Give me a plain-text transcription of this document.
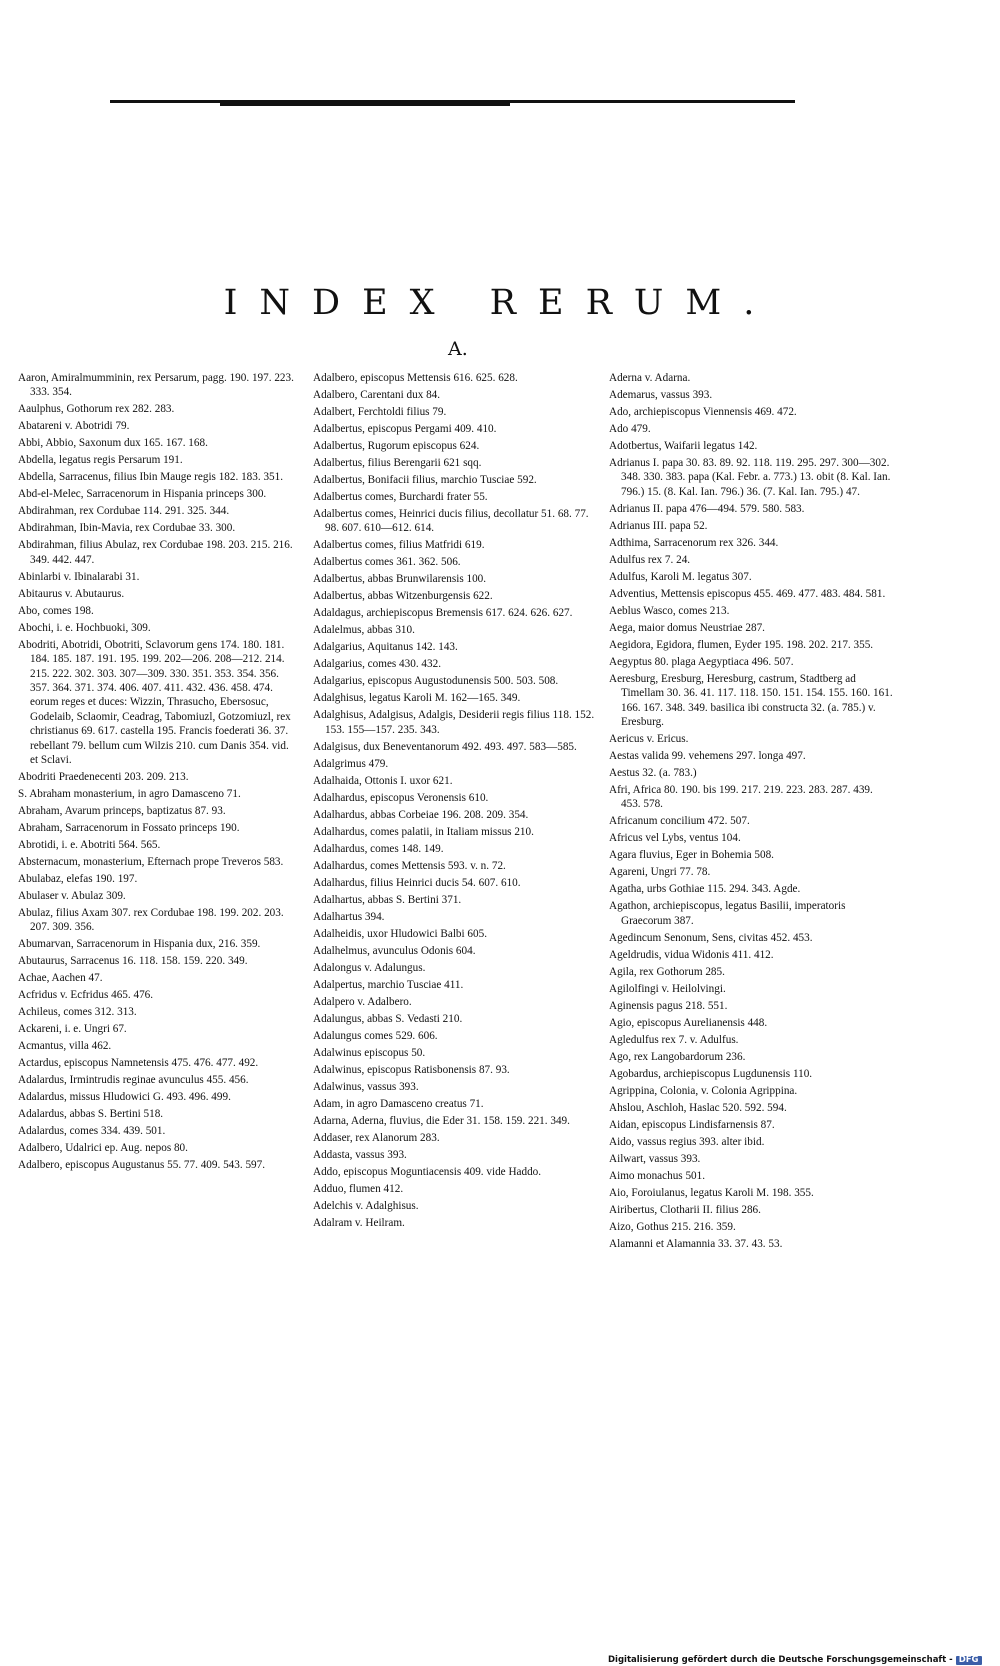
INDEX RERUM.
A.

Aaron, Amiralmumminin, rex Persarum, pagg. 190. 197. 223. 333. 354.

Aaulphus, Gothorum rex 282. 283.

Abatareni v. Abotridi 79.

Abbi, Abbio, Saxonum dux 165. 167. 168.

Abdella, legatus regis Persarum 191.

Abdella, Sarracenus, filius Ibin Mauge regis 182. 183. 351.

Abd-el-Melec, Sarracenorum in Hispania princeps 300.

Abdirahman, rex Cordubae 114. 291. 325. 344.

Abdirahman, Ibin-Mavia, rex Cordubae 33. 300.

Abdirahman, filius Abulaz, rex Cordubae 198. 203. 215. 216. 349. 442. 447.

Abinlarbi v. Ibinalarabi 31.

Abitaurus v. Abutaurus.

Abo, comes 198.

Abochi, i. e. Hochbuoki, 309.

Abodriti, Abotridi, Obotriti, Sclavorum gens 174. 180. 181. 184. 185. 187. 191. 195. 199. 202—206. 208—212. 214. 215. 222. 302. 303. 307—309. 330. 351. 353. 354. 356. 357. 364. 371. 374. 406. 407. 411. 432. 436. 458. 474. eorum reges et duces: Wizzin, Thrasucho, Ebersosuc, Godelaib, Sclaomir, Ceadrag, Tabomiuzl, Gotzomiuzl, rex christianus 69. 617. castella 195. Francis foederati 36. 37. rebellant 79. bellum cum Wilzis 210. cum Danis 354. vid. et Sclavi.

Abodriti Praedenecenti 203. 209. 213.

S. Abraham monasterium, in agro Damasceno 71.

Abraham, Avarum princeps, baptizatus 87. 93.

Abraham, Sarracenorum in Fossato princeps 190.

Abrotidi, i. e. Abotriti 564. 565.

Absternacum, monasterium, Efternach prope Treveros 583.

Abulabaz, elefas 190. 197.

Abulaser v. Abulaz 309.

Abulaz, filius Axam 307. rex Cordubae 198. 199. 202. 203. 207. 309. 356.

Abumarvan, Sarracenorum in Hispania dux, 216. 359.

Abutaurus, Sarracenus 16. 118. 158. 159. 220. 349.

Achae, Aachen 47.

Acfridus v. Ecfridus 465. 476.

Achileus, comes 312. 313.

Ackareni, i. e. Ungri 67.

Acmantus, villa 462.

Actardus, episcopus Namnetensis 475. 476. 477. 492.

Adalardus, Irmintrudis reginae avunculus 455. 456.

Adalardus, missus Hludowici G. 493. 496. 499.

Adalardus, abbas S. Bertini 518.

Adalardus, comes 334. 439. 501.

Adalbero, Udalrici ep. Aug. nepos 80.

Adalbero, episcopus Augustanus 55. 77. 409. 543. 597.

Adalbero, episcopus Mettensis 616. 625. 628.

Adalbero, Carentani dux 84.

Adalbert, Ferchtoldi filius 79.

Adalbertus, episcopus Pergami 409. 410.

Adalbertus, Rugorum episcopus 624.

Adalbertus, filius Berengarii 621 sqq.

Adalbertus, Bonifacii filius, marchio Tusciae 592.

Adalbertus comes, Burchardi frater 55.

Adalbertus comes, Heinrici ducis filius, decollatur 51. 68. 77. 98. 607. 610—612. 614.

Adalbertus comes, filius Matfridi 619.

Adalbertus comes 361. 362. 506.

Adalbertus, abbas Brunwilarensis 100.

Adalbertus, abbas Witzenburgensis 622.

Adaldagus, archiepiscopus Bremensis 617. 624. 626. 627.

Adalelmus, abbas 310.

Adalgarius, Aquitanus 142. 143.

Adalgarius, comes 430. 432.

Adalgarius, episcopus Augustodunensis 500. 503. 508.

Adalghisus, legatus Karoli M. 162—165. 349.

Adalghisus, Adalgisus, Adalgis, Desiderii regis filius 118. 152. 153. 155—157. 235. 343.

Adalgisus, dux Beneventanorum 492. 493. 497. 583—585.

Adalgrimus 479.

Adalhaida, Ottonis I. uxor 621.

Adalhardus, episcopus Veronensis 610.

Adalhardus, abbas Corbeiae 196. 208. 209. 354.

Adalhardus, comes palatii, in Italiam missus 210.

Adalhardus, comes 148. 149.

Adalhardus, comes Mettensis 593. v. n. 72.

Adalhardus, filius Heinrici ducis 54. 607. 610.

Adalhartus, abbas S. Bertini 371.

Adalhartus 394.

Adalheidis, uxor Hludowici Balbi 605.

Adalhelmus, avunculus Odonis 604.

Adalongus v. Adalungus.

Adalpertus, marchio Tusciae 411.

Adalpero v. Adalbero.

Adalungus, abbas S. Vedasti 210.

Adalungus comes 529. 606.

Adalwinus episcopus 50.

Adalwinus, episcopus Ratisbonensis 87. 93.

Adalwinus, vassus 393.

Adam, in agro Damasceno creatus 71.

Adarna, Aderna, fluvius, die Eder 31. 158. 159. 221. 349.

Addaser, rex Alanorum 283.

Addasta, vassus 393.

Addo, episcopus Moguntiacensis 409. vide Haddo.

Adduo, flumen 412.

Adelchis v. Adalghisus.

Adalram v. Heilram.

Aderna v. Adarna.

Ademarus, vassus 393.

Ado, archiepiscopus Viennensis 469. 472.

Ado 479.

Adotbertus, Waifarii legatus 142.

Adrianus I. papa 30. 83. 89. 92. 118. 119. 295. 297. 300—302. 348. 330. 383. papa (Kal. Febr. a. 773.) 13. obit (8. Kal. Ian. 796.) 15. (8. Kal. Ian. 796.) 36. (7. Kal. Ian. 795.) 47.

Adrianus II. papa 476—494. 579. 580. 583.

Adrianus III. papa 52.

Adthima, Sarracenorum rex 326. 344.

Adulfus rex 7. 24.

Adulfus, Karoli M. legatus 307.

Adventius, Mettensis episcopus 455. 469. 477. 483. 484. 581.

Aeblus Wasco, comes 213.

Aega, maior domus Neustriae 287.

Aegidora, Egidora, flumen, Eyder 195. 198. 202. 217. 355.

Aegyptus 80. plaga Aegyptiaca 496. 507.

Aeresburg, Eresburg, Heresburg, castrum, Stadtberg ad Timellam 30. 36. 41. 117. 118. 150. 151. 154. 155. 160. 161. 166. 167. 348. 349. basilica ibi constructa 32. (a. 785.) v. Eresburg.

Aericus v. Ericus.

Aestas valida 99. vehemens 297. longa 497.

Aestus 32. (a. 783.)

Afri, Africa 80. 190. bis 199. 217. 219. 223. 283. 287. 439. 453. 578.

Africanum concilium 472. 507.

Africus vel Lybs, ventus 104.

Agara fluvius, Eger in Bohemia 508.

Agareni, Ungri 77. 78.

Agatha, urbs Gothiae 115. 294. 343. Agde.

Agathon, archiepiscopus, legatus Basilii, imperatoris Graecorum 387.

Agedincum Senonum, Sens, civitas 452. 453.

Ageldrudis, vidua Widonis 411. 412.

Agila, rex Gothorum 285.

Agilolfingi v. Heilolvingi.

Aginensis pagus 218. 551.

Agio, episcopus Aurelianensis 448.

Agledulfus rex 7. v. Adulfus.

Ago, rex Langobardorum 236.

Agobardus, archiepiscopus Lugdunensis 110.

Agrippina, Colonia, v. Colonia Agrippina.

Ahslou, Aschloh, Haslac 520. 592. 594.

Aidan, episcopus Lindisfarnensis 87.

Aido, vassus regius 393. alter ibid.

Ailwart, vassus 393.

Aimo monachus 501.

Aio, Foroiulanus, legatus Karoli M. 198. 355.

Airibertus, Clotharii II. filius 286.

Aizo, Gothus 215. 216. 359.

Alamanni et Alamannia 33. 37. 43. 53.

Digitalisierung gefördert durch die Deutsche Forschungsgemeinschaft - DFG
